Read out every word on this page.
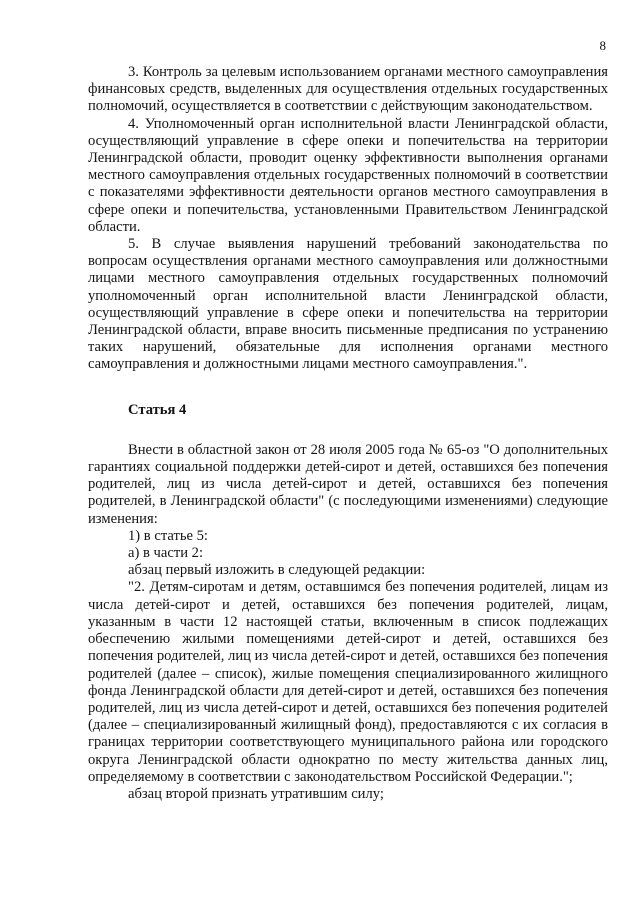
8

3. Контроль за целевым использованием органами местного самоуправления финансовых средств, выделенных для осуществления отдельных государственных полномочий, осуществляется в соответствии с действующим законодательством.

4. Уполномоченный орган исполнительной власти Ленинградской области, осуществляющий управление в сфере опеки и попечительства на территории Ленинградской области, проводит оценку эффективности выполнения органами местного самоуправления отдельных государственных полномочий в соответствии с показателями эффективности деятельности органов местного самоуправления в сфере опеки и попечительства, установленными Правительством Ленинградской области.

5. В случае выявления нарушений требований законодательства по вопросам осуществления органами местного самоуправления или должностными лицами местного самоуправления отдельных государственных полномочий уполномоченный орган исполнительной власти Ленинградской области, осуществляющий управление в сфере опеки и попечительства на территории Ленинградской области, вправе вносить письменные предписания по устранению таких нарушений, обязательные для исполнения органами местного самоуправления и должностными лицами местного самоуправления.".

Статья 4

Внести в областной закон от 28 июля 2005 года № 65-оз "О дополнительных гарантиях социальной поддержки детей-сирот и детей, оставшихся без попечения родителей, лиц из числа детей-сирот и детей, оставшихся без попечения родителей, в Ленинградской области" (с последующими изменениями) следующие изменения:

1) в статье 5:

а) в части 2:

абзац первый изложить в следующей редакции:

"2. Детям-сиротам и детям, оставшимся без попечения родителей, лицам из числа детей-сирот и детей, оставшихся без попечения родителей, лицам, указанным в части 12 настоящей статьи, включенным в список подлежащих обеспечению жилыми помещениями детей-сирот и детей, оставшихся без попечения родителей, лиц из числа детей-сирот и детей, оставшихся без попечения родителей (далее – список), жилые помещения специализированного жилищного фонда Ленинградской области для детей-сирот и детей, оставшихся без попечения родителей, лиц из числа детей-сирот и детей, оставшихся без попечения родителей (далее – специализированный жилищный фонд), предоставляются с их согласия в границах территории соответствующего муниципального района или городского округа Ленинградской области однократно по месту жительства данных лиц, определяемому в соответствии с законодательством Российской Федерации.";

абзац второй признать утратившим силу;
